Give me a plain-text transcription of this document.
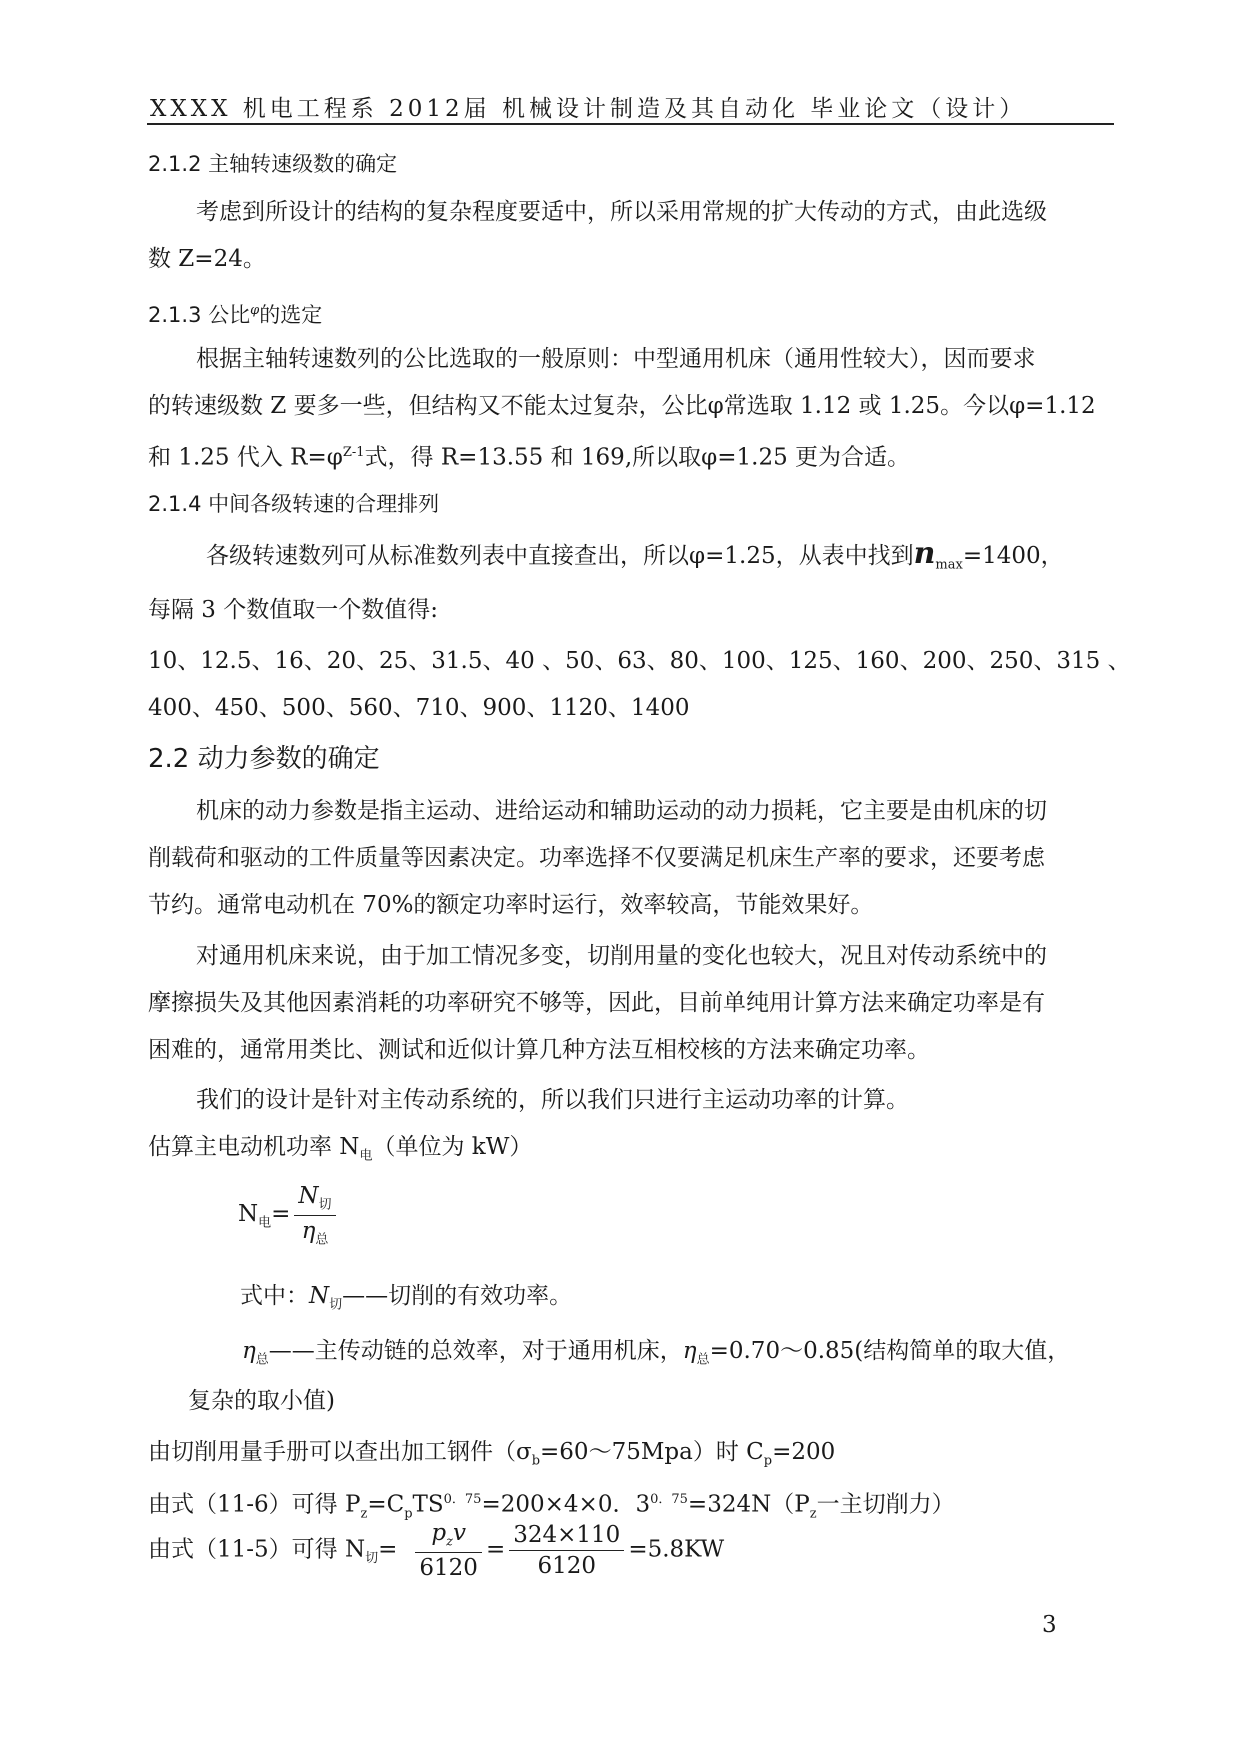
XXXX 机电工程系 2012届 机械设计制造及其自动化 毕业论文（设计）
2.1.2 主轴转速级数的确定
考虑到所设计的结构的复杂程度要适中，所以采用常规的扩大传动的方式，由此选级
数 Z=24。
2.1.3 公比$^\varphi$的选定
根据主轴转速数列的公比选取的一般原则：中型通用机床（通用性较大），因而要求
的转速级数 Z 要多一些，但结构又不能太过复杂，公比φ常选取 1.12 或 1.25。今以φ=1.12
和 1.25 代入 $R=\varphi^{Z-1}$式，得 R=13.55 和 169,所以取φ=1.25 更为合适。
2.1.4 中间各级转速的合理排列
各级转速数列可从标准数列表中直接查出，所以φ=1.25，从表中找到$n_{max}=1400$，
每隔 3 个数值取一个数值得:
10、12.5、16、20、25、31.5、40 、50、63、80、100、125、160、200、250、315 、
400、450、500、560、710、900、1120、1400
2.2 动力参数的确定
机床的动力参数是指主运动、进给运动和辅助运动的动力损耗，它主要是由机床的切
削载荷和驱动的工件质量等因素决定。功率选择不仅要满足机床生产率的要求，还要考虑
节约。通常电动机在 70%的额定功率时运行，效率较高，节能效果好。
对通用机床来说，由于加工情况多变，切削用量的变化也较大，况且对传动系统中的
摩擦损失及其他因素消耗的功率研究不够等，因此，目前单纯用计算方法来确定功率是有
困难的，通常用类比、测试和近似计算几种方法互相校核的方法来确定功率。
我们的设计是针对主传动系统的，所以我们只进行主运动功率的计算。
估算主电动机功率 $N_电$（单位为 kW）
$N_电= \frac{N_切}{\eta_总}$
式中：$N_切——$切削的有效功率。
$\eta_总——$主传动链的总效率，对于通用机床，$\eta_总=0.70\sim 0.85$(结构简单的取大值，
复杂的取小值)
由切削用量手册可以查出加工钢件$(\sigma_b=60\sim 75Mpa)$时 $C_p=200$
由式（11-6）可得 $P_z=C_pTS^{0.75}=200\times 4\times 0$．$3^{0.75}=324N(P_z$一主切削力）
由式（11-5）可得 $N_切= \frac{p_zv}{6120} = \frac{324\times 110}{6120} =5.8KW$
3
